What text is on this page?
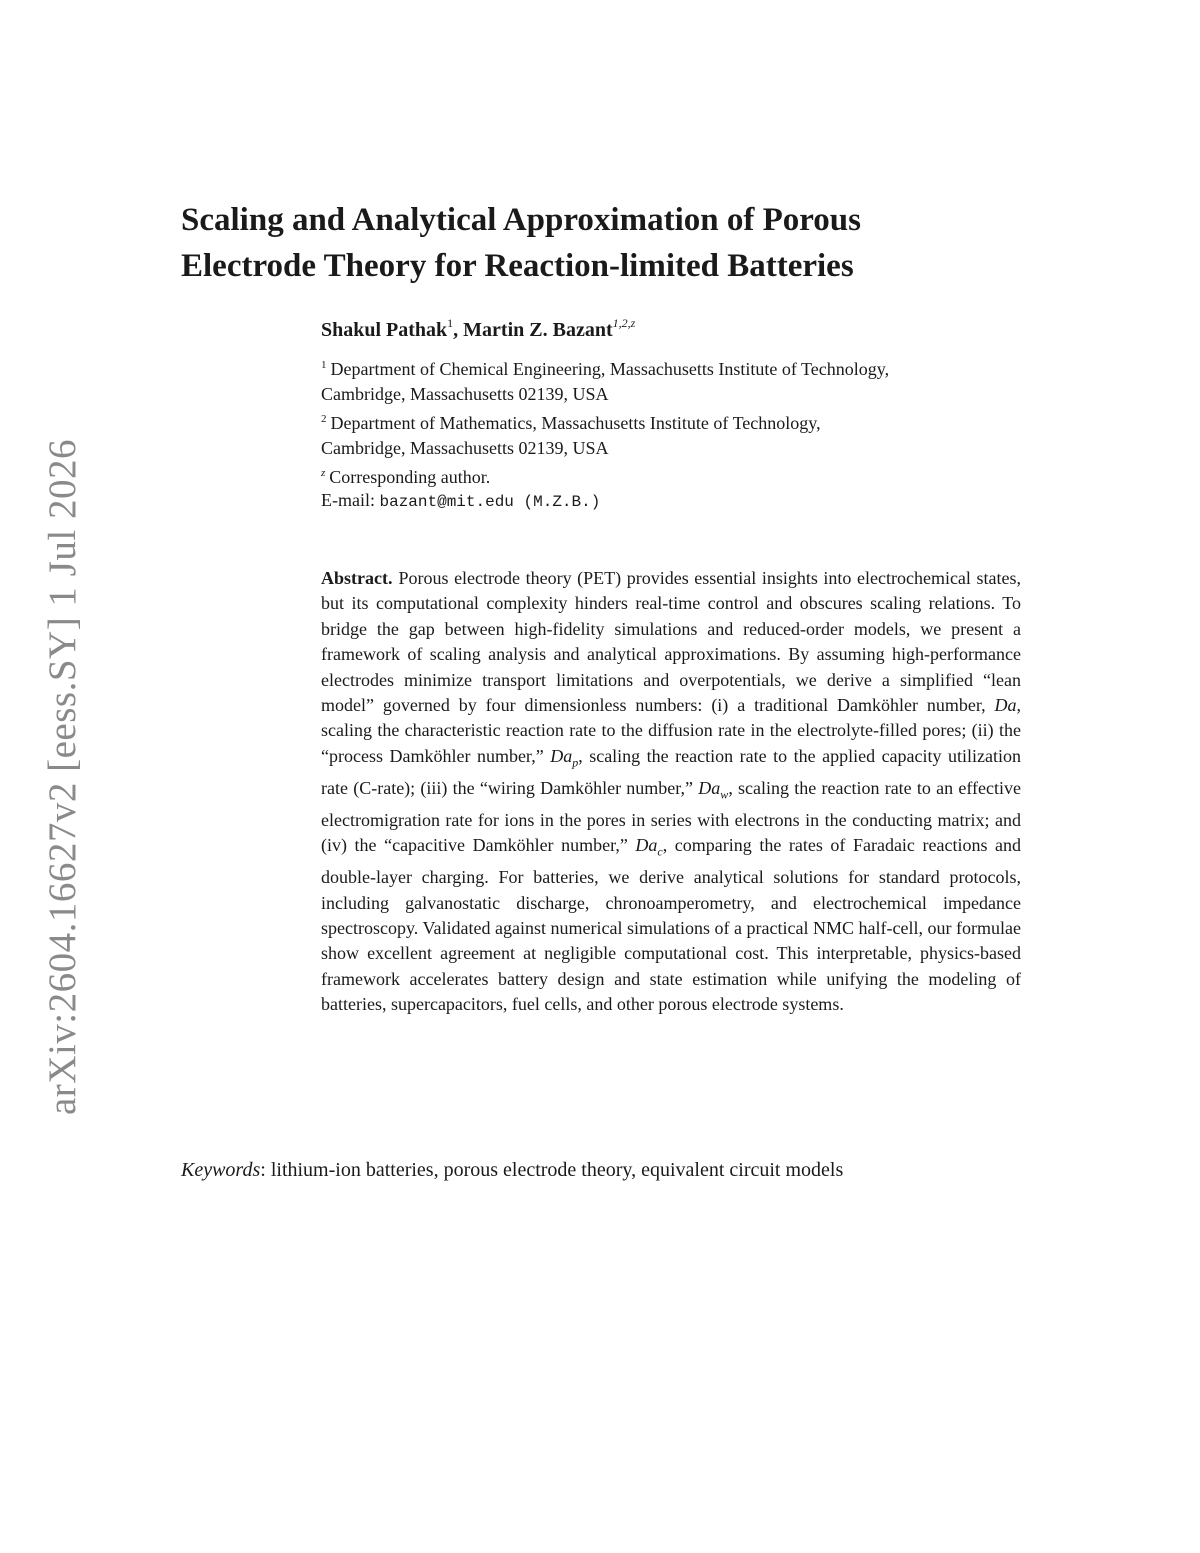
arXiv:2604.16627v2 [eess.SY] 1 Jul 2026
Scaling and Analytical Approximation of Porous
Electrode Theory for Reaction-limited Batteries
Shakul Pathak$^1$, Martin Z. Bazant$^{1,2,z}$
$^1$ Department of Chemical Engineering, Massachusetts Institute of Technology,
Cambridge, Massachusetts 02139, USA
$^2$ Department of Mathematics, Massachusetts Institute of Technology,
Cambridge, Massachusetts 02139, USA
$^z$ Corresponding author.
E-mail: bazant@mit.edu (M.Z.B.)
Abstract. Porous electrode theory (PET) provides essential insights into electrochemical states, but its computational complexity hinders real-time control and obscures scaling relations. To bridge the gap between high-fidelity simulations and reduced-order models, we present a framework of scaling analysis and analytical approximations. By assuming high-performance electrodes minimize transport limitations and overpotentials, we derive a simplified “lean model” governed by four dimensionless numbers: (i) a traditional Damköhler number, Da, scaling the characteristic reaction rate to the diffusion rate in the electrolyte-filled pores; (ii) the “process Damköhler number,” $Da_p$, scaling the reaction rate to the applied capacity utilization rate (C-rate); (iii) the “wiring Damköhler number,” $Da_w$, scaling the reaction rate to an effective electromigration rate for ions in the pores in series with electrons in the conducting matrix; and (iv) the “capacitive Damköhler number,” $Da_c$, comparing the rates of Faradaic reactions and double-layer charging. For batteries, we derive analytical solutions for standard protocols, including galvanostatic discharge, chronoamperometry, and electrochemical impedance spectroscopy. Validated against numerical simulations of a practical NMC half-cell, our formulae show excellent agreement at negligible computational cost. This interpretable, physics-based framework accelerates battery design and state estimation while unifying the modeling of batteries, supercapacitors, fuel cells, and other porous electrode systems.
Keywords: lithium-ion batteries, porous electrode theory, equivalent circuit models
